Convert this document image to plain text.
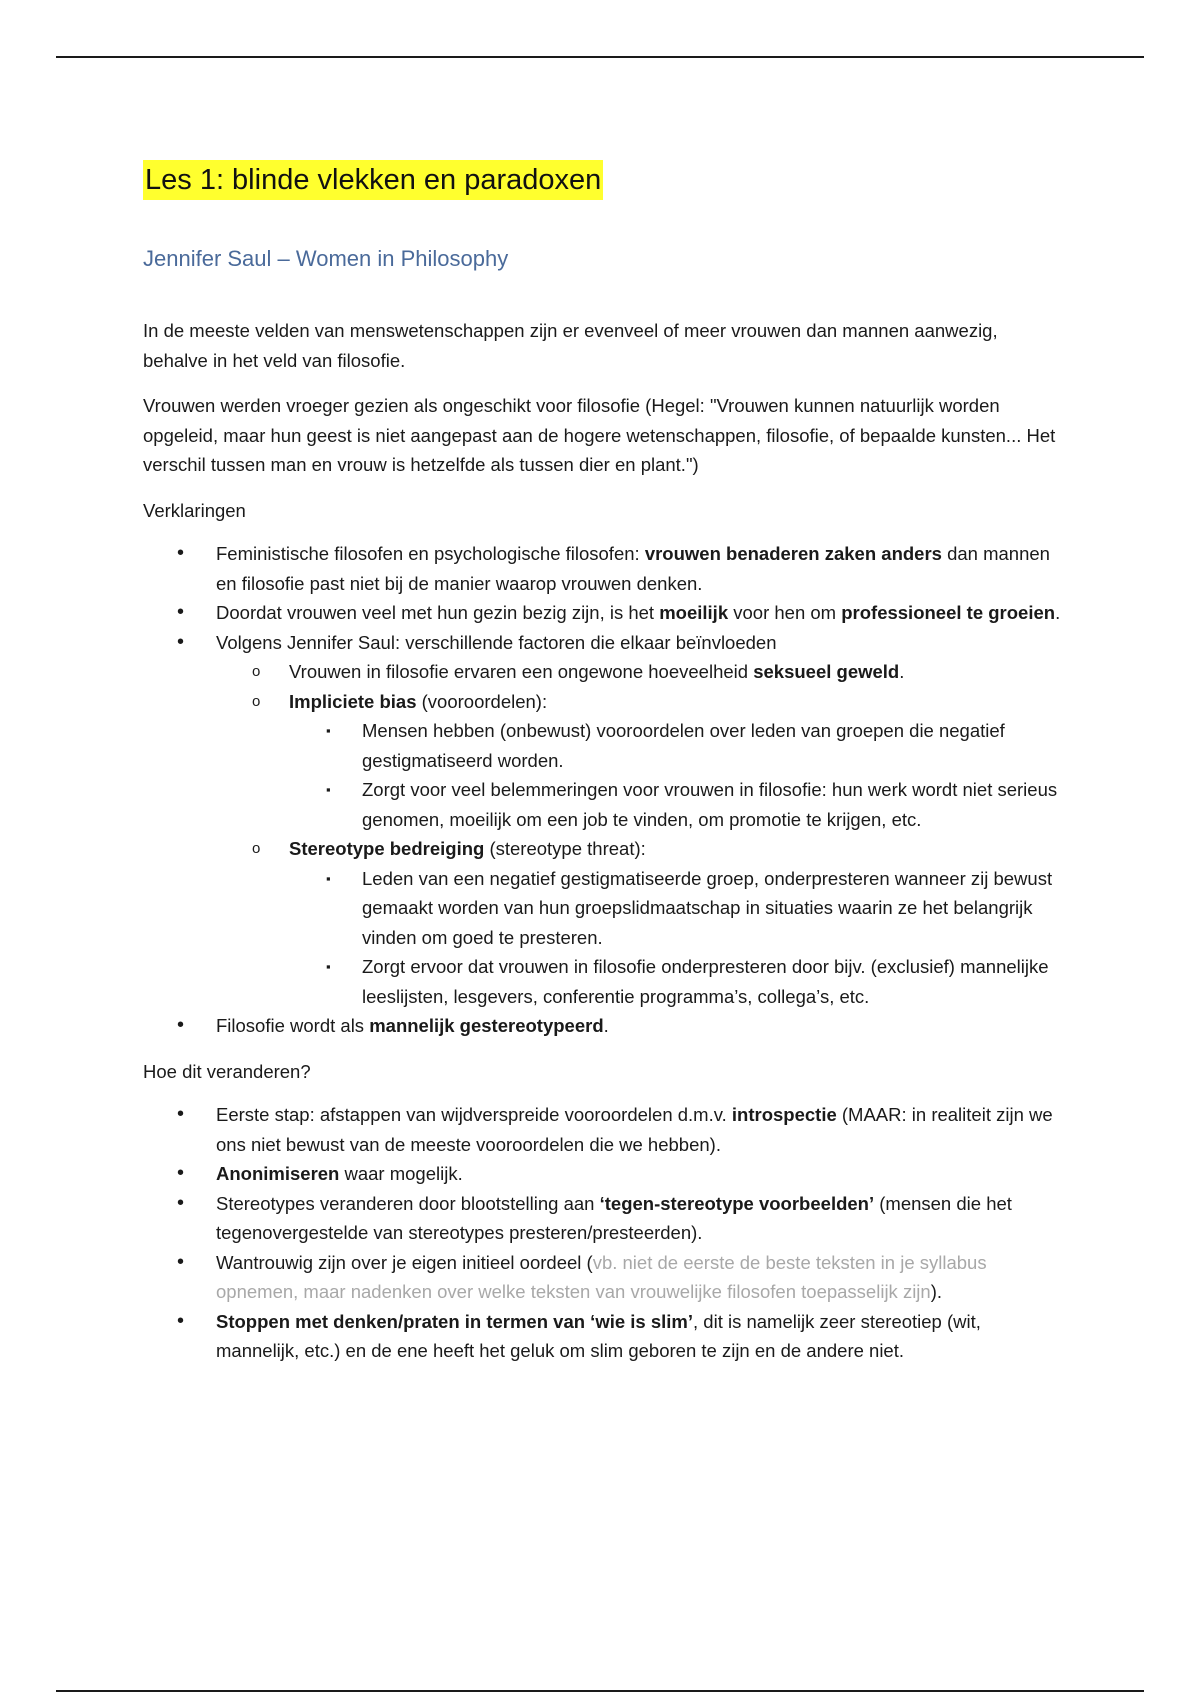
Les 1: blinde vlekken en paradoxen
Jennifer Saul – Women in Philosophy

In de meeste velden van menswetenschappen zijn er evenveel of meer vrouwen dan mannen aanwezig, behalve in het veld van filosofie.

Vrouwen werden vroeger gezien als ongeschikt voor filosofie (Hegel: "Vrouwen kunnen natuurlijk worden opgeleid, maar hun geest is niet aangepast aan de hogere wetenschappen, filosofie, of bepaalde kunsten... Het verschil tussen man en vrouw is hetzelfde als tussen dier en plant.")

Verklaringen

• Feministische filosofen en psychologische filosofen: vrouwen benaderen zaken anders dan mannen en filosofie past niet bij de manier waarop vrouwen denken.
• Doordat vrouwen veel met hun gezin bezig zijn, is het moeilijk voor hen om professioneel te groeien.
• Volgens Jennifer Saul: verschillende factoren die elkaar beïnvloeden
o Vrouwen in filosofie ervaren een ongewone hoeveelheid seksueel geweld.
o Impliciete bias (vooroordelen):
▪ Mensen hebben (onbewust) vooroordelen over leden van groepen die negatief gestigmatiseerd worden.
▪ Zorgt voor veel belemmeringen voor vrouwen in filosofie: hun werk wordt niet serieus genomen, moeilijk om een job te vinden, om promotie te krijgen, etc.
o Stereotype bedreiging (stereotype threat):
▪ Leden van een negatief gestigmatiseerde groep, onderpresteren wanneer zij bewust gemaakt worden van hun groepslidmaatschap in situaties waarin ze het belangrijk vinden om goed te presteren.
▪ Zorgt ervoor dat vrouwen in filosofie onderpresteren door bijv. (exclusief) mannelijke leeslijsten, lesgevers, conferentie programma’s, collega’s, etc.
• Filosofie wordt als mannelijk gestereotypeerd.

Hoe dit veranderen?

• Eerste stap: afstappen van wijdverspreide vooroordelen d.m.v. introspectie (MAAR: in realiteit zijn we ons niet bewust van de meeste vooroordelen die we hebben).
• Anonimiseren waar mogelijk.
• Stereotypes veranderen door blootstelling aan ‘tegen-stereotype voorbeelden’ (mensen die het tegenovergestelde van stereotypes presteren/presteerden).
• Wantrouwig zijn over je eigen initieel oordeel (vb. niet de eerste de beste teksten in je syllabus opnemen, maar nadenken over welke teksten van vrouwelijke filosofen toepasselijk zijn).
• Stoppen met denken/praten in termen van ‘wie is slim’, dit is namelijk zeer stereotiep (wit, mannelijk, etc.) en de ene heeft het geluk om slim geboren te zijn en de andere niet.
